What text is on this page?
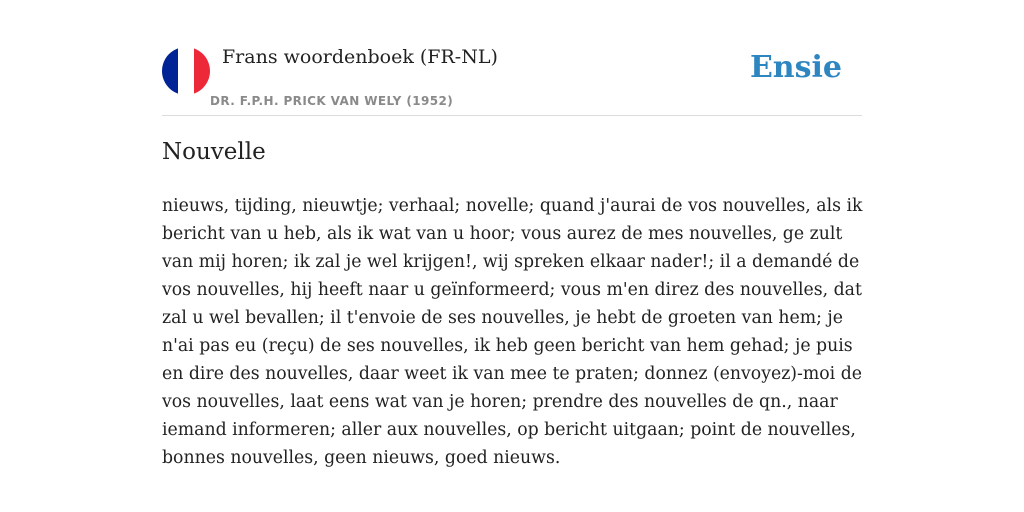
Frans woordenboek (FR-NL)
DR. F.P.H. PRICK VAN WELY (1952)
Ensie
Nouvelle

nieuws, tijding, nieuwtje; verhaal; novelle; quand j'aurai de vos nouvelles, als ik bericht van u heb, als ik wat van u hoor; vous aurez de mes nouvelles, ge zult van mij horen; ik zal je wel krijgen!, wij spreken elkaar nader!; il a demandé de vos nouvelles, hij heeft naar u geïnformeerd; vous m'en direz des nouvelles, dat zal u wel bevallen; il t'envoie de ses nouvelles, je hebt de groeten van hem; je n'ai pas eu (reçu) de ses nouvelles, ik heb geen bericht van hem gehad; je puis en dire des nouvelles, daar weet ik van mee te praten; donnez (envoyez)-moi de vos nouvelles, laat eens wat van je horen; prendre des nouvelles de qn., naar iemand informeren; aller aux nouvelles, op bericht uitgaan; point de nouvelles, bonnes nouvelles, geen nieuws, goed nieuws.
